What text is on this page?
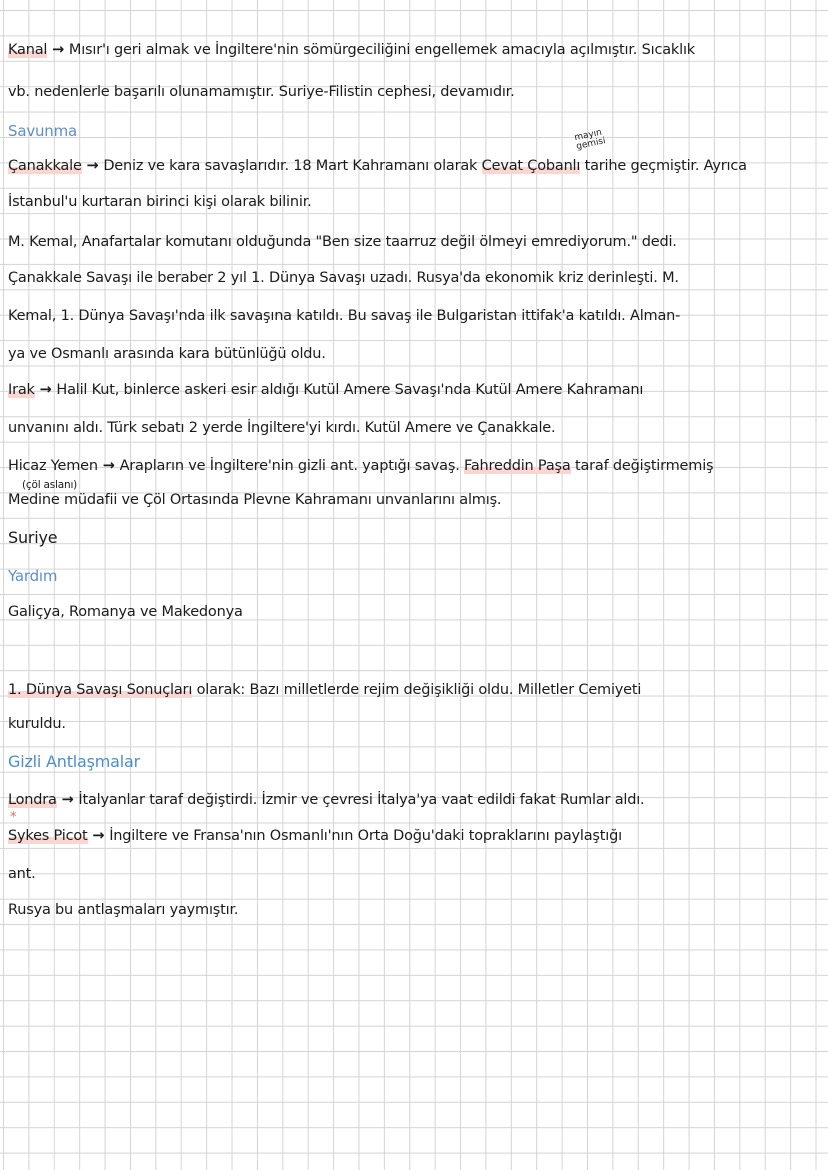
Kanal → Mısır'ı geri almak ve İngiltere'nin sömürgeciliğini engellemek amacıyla açılmıştır. Sıcaklık
vb. nedenlerle başarılı olunamamıştır. Suriye-Filistin cephesi, devamıdır.
Savunma	mayın gemisi
Çanakkale → Deniz ve kara savaşlarıdır. 18 Mart Kahramanı olarak Cevat Çobanlı tarihe geçmiştir. Ayrıca
İstanbul'u kurtaran birinci kişi olarak bilinir.
M. Kemal, Anafartalar komutanı olduğunda "Ben size taarruz değil ölmeyi emrediyorum." dedi.
Çanakkale Savaşı ile beraber 2 yıl 1. Dünya Savaşı uzadı. Rusya'da ekonomik kriz derinleşti. M.
Kemal, 1. Dünya Savaşı'nda ilk savaşına katıldı. Bu savaş ile Bulgaristan ittifak'a katıldı. Alman-
ya ve Osmanlı arasında kara bütünlüğü oldu.
Irak → Halil Kut, binlerce askeri esir aldığı Kutül Amere Savaşı'nda Kutül Amere Kahramanı
unvanını aldı. Türk sebatı 2 yerde İngiltere'yi kırdı. Kutül Amere ve Çanakkale.
Hicaz Yemen → Arapların ve İngiltere'nin gizli ant. yaptığı savaş. Fahreddin Paşa taraf değiştirmemiş
(çöl aslanı)
Medine müdafii ve Çöl Ortasında Plevne Kahramanı unvanlarını almış.
Suriye
Yardım
Galiçya, Romanya ve Makedonya
1. Dünya Savaşı Sonuçları olarak: Bazı milletlerde rejim değişikliği oldu. Milletler Cemiyeti
kuruldu.
Gizli Antlaşmalar
Londra → İtalyanlar taraf değiştirdi. İzmir ve çevresi İtalya'ya vaat edildi fakat Rumlar aldı.
*
Sykes Picot → İngiltere ve Fransa'nın Osmanlı'nın Orta Doğu'daki topraklarını paylaştığı
ant.
Rusya bu antlaşmaları yaymıştır.
